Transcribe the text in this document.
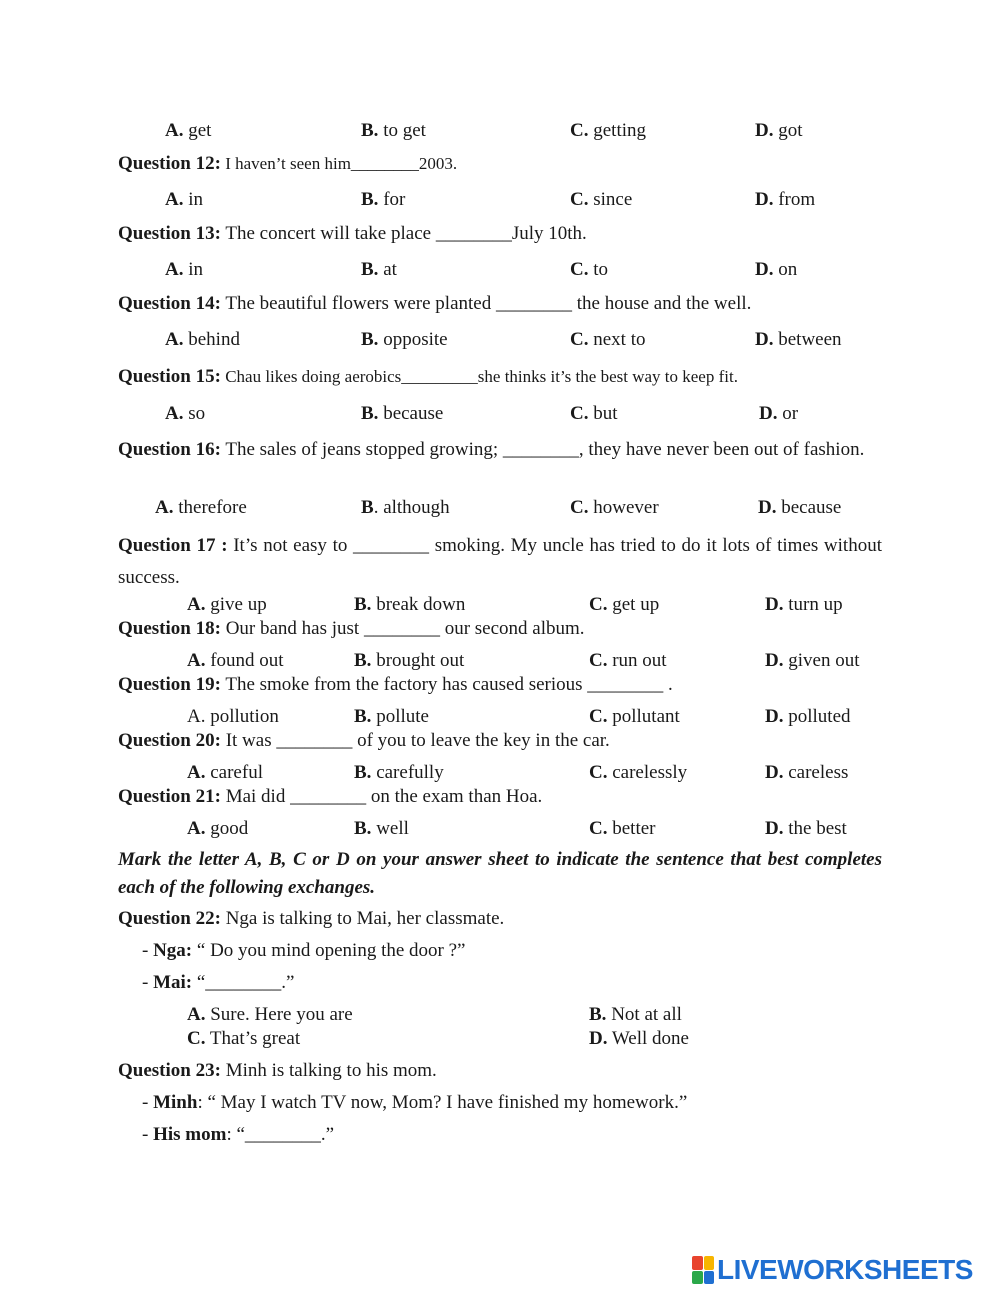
A. get	B. to get	C. getting	D. got
Question 12: I haven’t seen him________2003.
A. in	B. for	C. since	D. from
Question 13: The concert will take place ________July 10th.
A. in	B. at	C. to	D. on
Question 14: The beautiful flowers were planted ________ the house and the well.
A. behind	B. opposite	C. next to	D. between
Question 15: Chau likes doing aerobics_________she thinks it’s the best way to keep fit.
A. so	B. because	C. but	D. or
Question 16: The sales of jeans stopped growing; ________, they have never been out of fashion.
A. therefore	B. although	C. however	D. because
Question 17 : It’s not easy to ________ smoking. My uncle has tried to do it lots of times without success.
A. give up	B. break down	C. get up	D. turn up
Question 18: Our band has just ________ our second album.
A. found out	B. brought out	C. run out	D. given out
Question 19: The smoke from the factory has caused serious ________ .
A. pollution	B. pollute	C. pollutant	D. polluted
Question 20: It was ________ of you to leave the key in the car.
A. careful	B. carefully	C. carelessly	D. careless
Question 21: Mai did ________ on the exam than Hoa.
A. good	B. well	C. better	D. the best
Mark the letter A, B, C or D on your answer sheet to indicate the sentence that best completes each of the following exchanges.
Question 22: Nga is talking to Mai, her classmate.
- Nga: “ Do you mind opening the door ?”
- Mai: “________.”
A. Sure. Here you are	B. Not at all
C. That’s great	D. Well done
Question 23: Minh is talking to his mom.
- Minh: “ May I watch TV now, Mom? I have finished my homework.”
- His mom: “________.”
LIVEWORKSHEETS
